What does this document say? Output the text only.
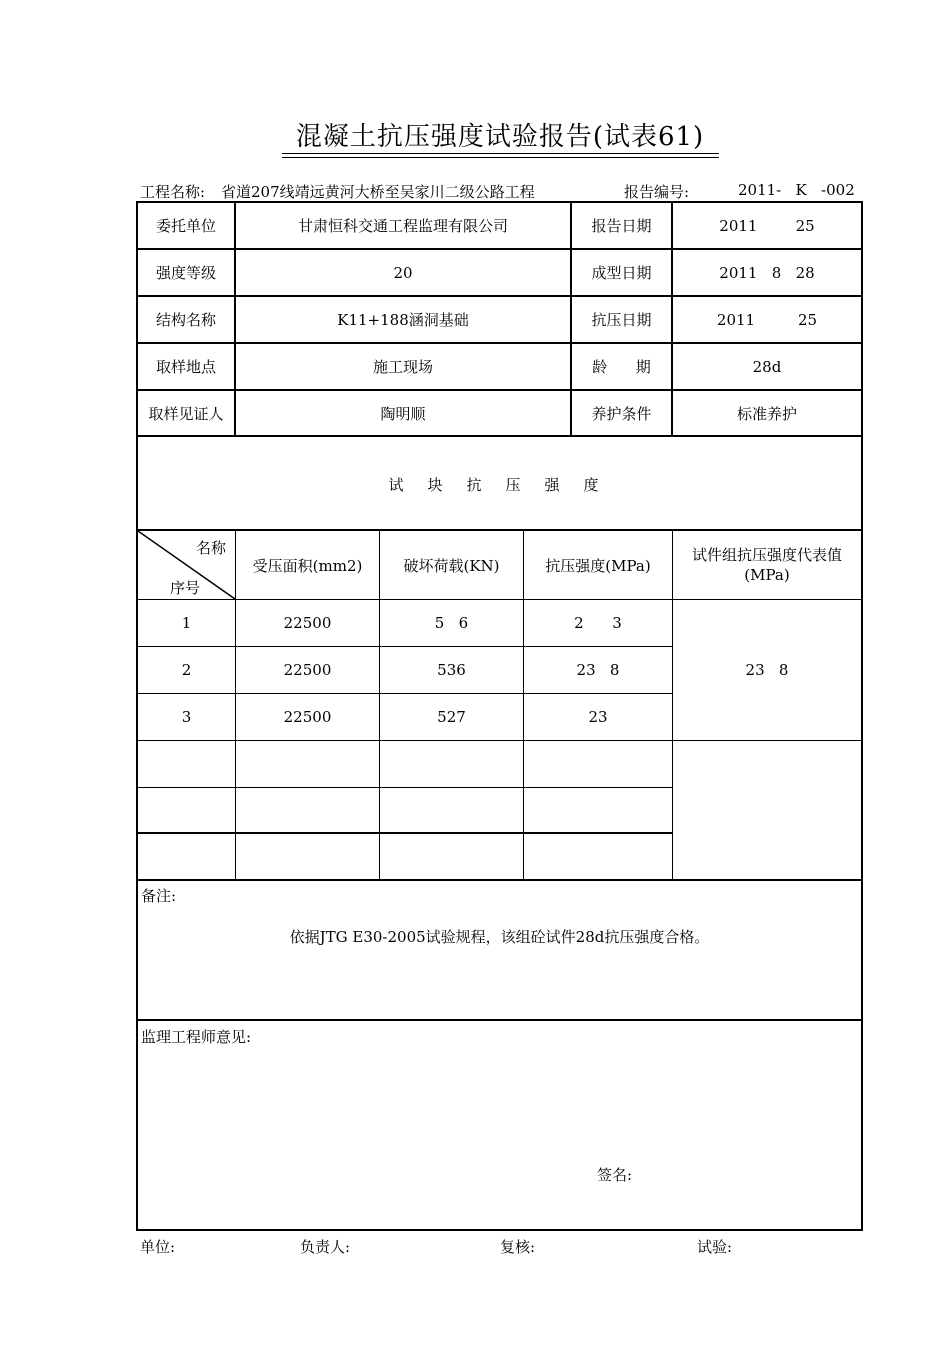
混凝土抗压强度试验报告(试表61)
工程名称: 省道207线靖远黄河大桥至吴家川二级公路工程	报告编号:	2011-   K   -002
委托单位	甘肃恒科交通工程监理有限公司	报告日期	2011        25
强度等级	20	成型日期	2011   8   28
结构名称	K11+188涵洞基础	抗压日期	2011         25
取样地点	施工现场	龄      期	28d
取样见证人	陶明顺	养护条件	标准养护
试块抗压强度
名称
序号
受压面积(mm2)	破坏荷载(KN)	抗压强度(MPa)
试件组抗压强度代表值
(MPa)
1	22500	5   6	2      3
2	22500	536	23   8
3	22500	527	23
23   8
备注:
依据JTG E30-2005试验规程，该组砼试件28d抗压强度合格。
监理工程师意见:
签名:
单位:	负责人:	复核:	试验:
